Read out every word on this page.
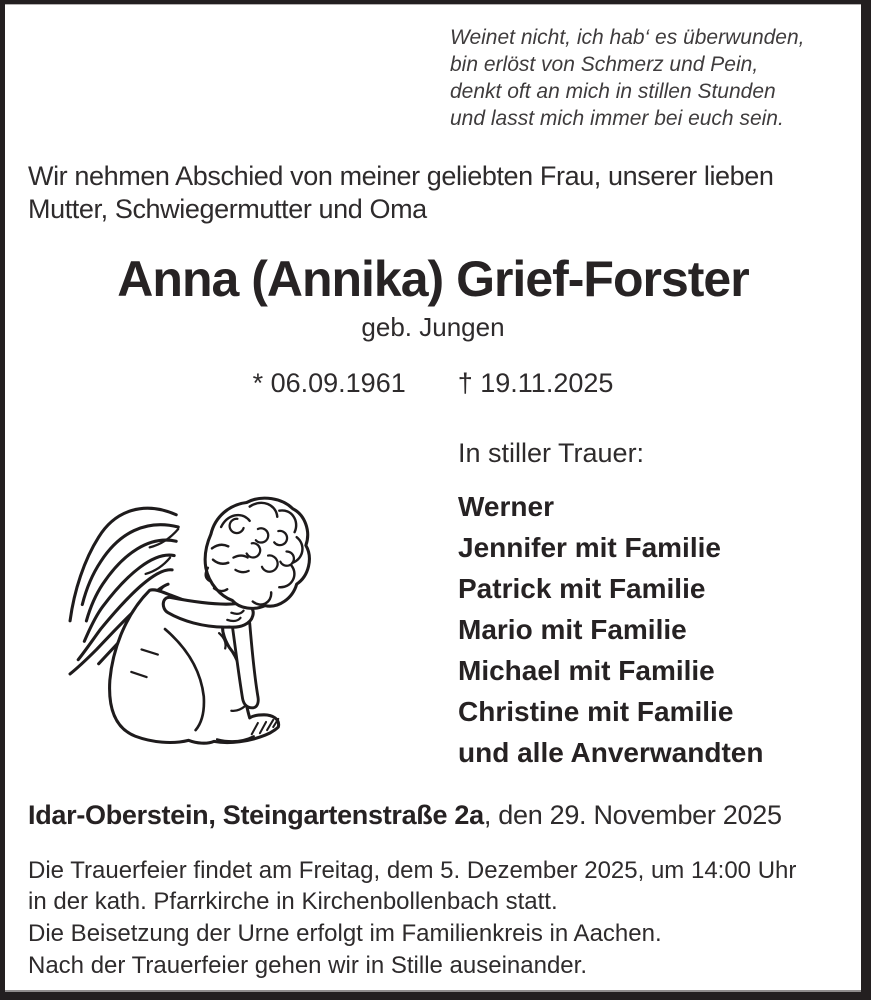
Weinet nicht, ich hab‘ es überwunden,
bin erlöst von Schmerz und Pein,
denkt oft an mich in stillen Stunden
und lasst mich immer bei euch sein.
Wir nehmen Abschied von meiner geliebten Frau, unserer lieben
Mutter, Schwiegermutter und Oma
Anna (Annika) Grief-Forster
geb. Jungen
* 06.09.1961 † 19.11.2025
In stiller Trauer:
Werner
Jennifer mit Familie
Patrick mit Familie
Mario mit Familie
Michael mit Familie
Christine mit Familie
und alle Anverwandten
Idar-Oberstein, Steingartenstraße 2a, den 29. November 2025
Die Trauerfeier findet am Freitag, dem 5. Dezember 2025, um 14:00 Uhr
in der kath. Pfarrkirche in Kirchenbollenbach statt.
Die Beisetzung der Urne erfolgt im Familienkreis in Aachen.
Nach der Trauerfeier gehen wir in Stille auseinander.
